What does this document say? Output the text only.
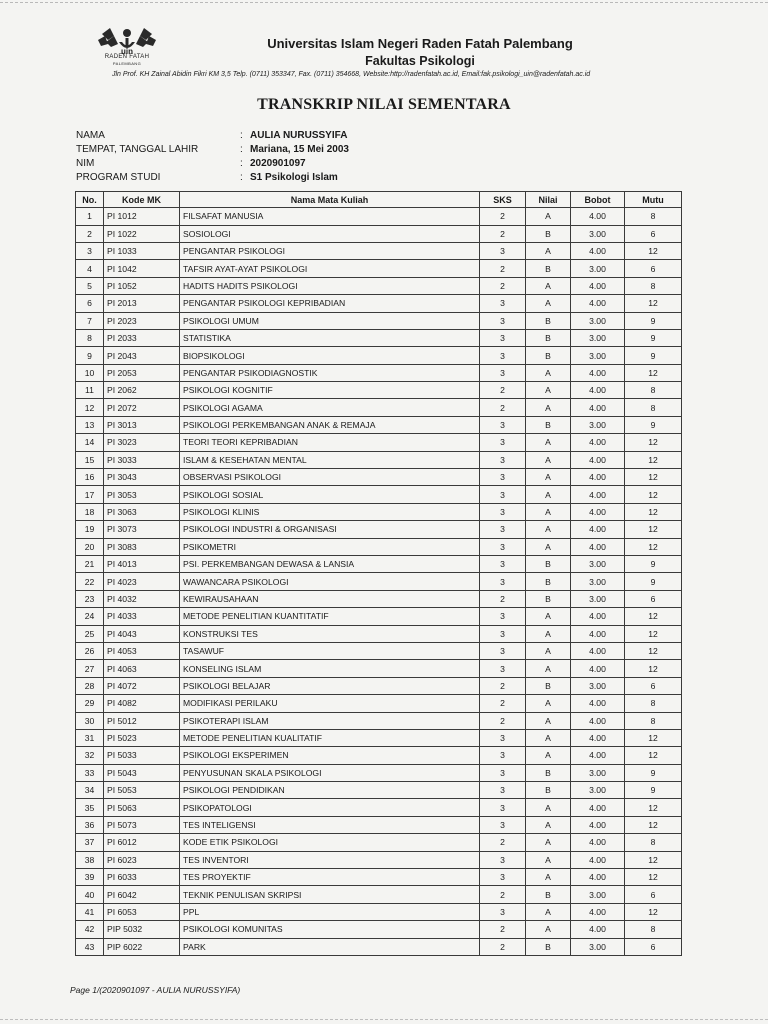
uin
RADEN FATAH
PALEMBANG
Universitas Islam Negeri Raden Fatah Palembang
Fakultas Psikologi
Jln Prof. KH Zainal Abidin Fikri KM 3,5 Telp. (0711) 353347, Fax. (0711) 354668, Website:http://radenfatah.ac.id, Email:fak.psikologi_uin@radenfatah.ac.id
TRANSKRIP NILAI SEMENTARA
NAMA	: AULIA NURUSSYIFA
TEMPAT, TANGGAL LAHIR	: Mariana, 15 Mei 2003
NIM	: 2020901097
PROGRAM STUDI	: S1 Psikologi Islam
No.	Kode MK	Nama Mata Kuliah	SKS	Nilai	Bobot	Mutu
1	PI 1012	FILSAFAT MANUSIA	2	A	4.00	8
2	PI 1022	SOSIOLOGI	2	B	3.00	6
3	PI 1033	PENGANTAR PSIKOLOGI	3	A	4.00	12
4	PI 1042	TAFSIR AYAT-AYAT PSIKOLOGI	2	B	3.00	6
5	PI 1052	HADITS HADITS PSIKOLOGI	2	A	4.00	8
6	PI 2013	PENGANTAR PSIKOLOGI KEPRIBADIAN	3	A	4.00	12
7	PI 2023	PSIKOLOGI UMUM	3	B	3.00	9
8	PI 2033	STATISTIKA	3	B	3.00	9
9	PI 2043	BIOPSIKOLOGI	3	B	3.00	9
10	PI 2053	PENGANTAR PSIKODIAGNOSTIK	3	A	4.00	12
11	PI 2062	PSIKOLOGI KOGNITIF	2	A	4.00	8
12	PI 2072	PSIKOLOGI AGAMA	2	A	4.00	8
13	PI 3013	PSIKOLOGI PERKEMBANGAN ANAK & REMAJA	3	B	3.00	9
14	PI 3023	TEORI TEORI KEPRIBADIAN	3	A	4.00	12
15	PI 3033	ISLAM & KESEHATAN MENTAL	3	A	4.00	12
16	PI 3043	OBSERVASI PSIKOLOGI	3	A	4.00	12
17	PI 3053	PSIKOLOGI SOSIAL	3	A	4.00	12
18	PI 3063	PSIKOLOGI KLINIS	3	A	4.00	12
19	PI 3073	PSIKOLOGI INDUSTRI & ORGANISASI	3	A	4.00	12
20	PI 3083	PSIKOMETRI	3	A	4.00	12
21	PI 4013	PSI. PERKEMBANGAN DEWASA & LANSIA	3	B	3.00	9
22	PI 4023	WAWANCARA PSIKOLOGI	3	B	3.00	9
23	PI 4032	KEWIRAUSAHAAN	2	B	3.00	6
24	PI 4033	METODE PENELITIAN KUANTITATIF	3	A	4.00	12
25	PI 4043	KONSTRUKSI TES	3	A	4.00	12
26	PI 4053	TASAWUF	3	A	4.00	12
27	PI 4063	KONSELING ISLAM	3	A	4.00	12
28	PI 4072	PSIKOLOGI BELAJAR	2	B	3.00	6
29	PI 4082	MODIFIKASI PERILAKU	2	A	4.00	8
30	PI 5012	PSIKOTERAPI ISLAM	2	A	4.00	8
31	PI 5023	METODE PENELITIAN KUALITATIF	3	A	4.00	12
32	PI 5033	PSIKOLOGI EKSPERIMEN	3	A	4.00	12
33	PI 5043	PENYUSUNAN SKALA PSIKOLOGI	3	B	3.00	9
34	PI 5053	PSIKOLOGI PENDIDIKAN	3	B	3.00	9
35	PI 5063	PSIKOPATOLOGI	3	A	4.00	12
36	PI 5073	TES INTELIGENSI	3	A	4.00	12
37	PI 6012	KODE ETIK PSIKOLOGI	2	A	4.00	8
38	PI 6023	TES INVENTORI	3	A	4.00	12
39	PI 6033	TES PROYEKTIF	3	A	4.00	12
40	PI 6042	TEKNIK PENULISAN SKRIPSI	2	B	3.00	6
41	PI 6053	PPL	3	A	4.00	12
42	PIP 5032	PSIKOLOGI KOMUNITAS	2	A	4.00	8
43	PIP 6022	PARK	2	B	3.00	6
Page 1/(2020901097 - AULIA NURUSSYIFA)
